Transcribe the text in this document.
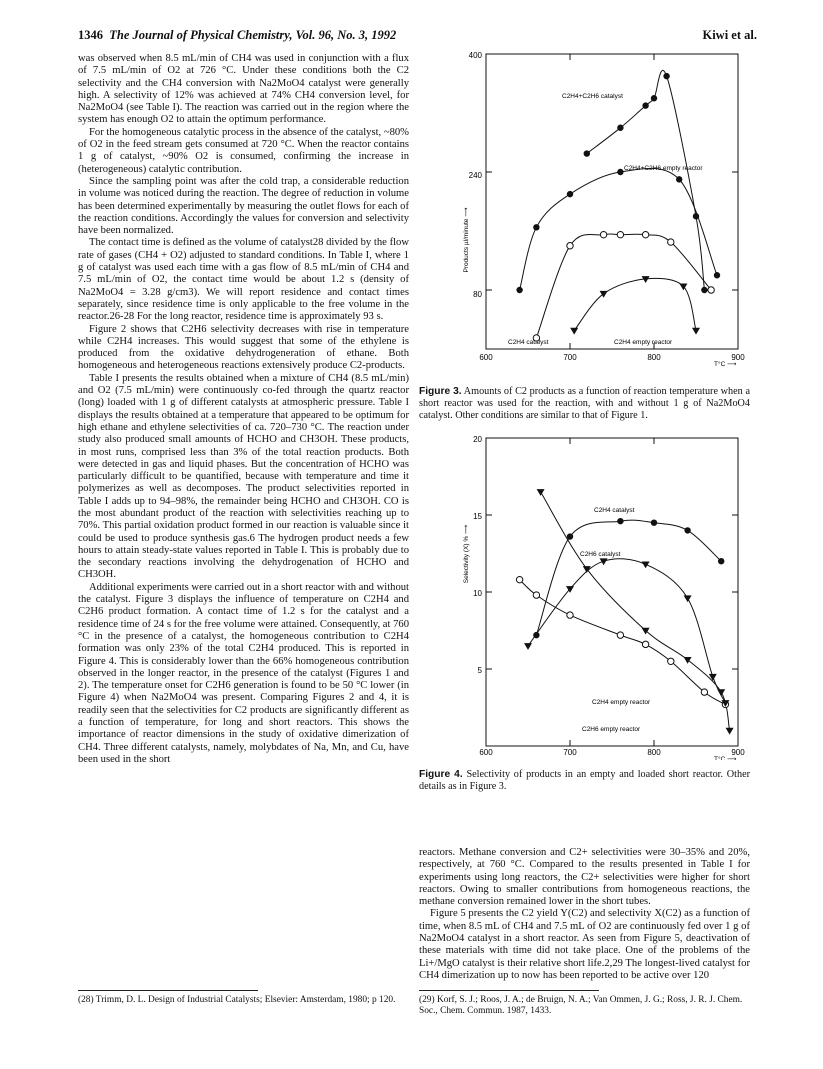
1346 The Journal of Physical Chemistry, Vol. 96, No. 3, 1992	Kiwi et al.

was observed when 8.5 mL/min of CH4 was used in conjunction with a flux of 7.5 mL/min of O2 at 726 °C. Under these conditions both the C2 selectivity and the CH4 conversion with Na2MoO4 catalyst were generally high. A selectivity of 12% was achieved at 74% CH4 conversion level, for Na2MoO4 (see Table I). The reaction was carried out in the region where the system has enough O2 to attain the optimum performance.

For the homogeneous catalytic process in the absence of the catalyst, ~80% of O2 in the feed stream gets consumed at 720 °C. When the reactor contains 1 g of catalyst, ~90% O2 is consumed, confirming the increase in (heterogeneous) catalytic contribution.

Since the sampling point was after the cold trap, a considerable reduction in volume was noticed during the reaction. The degree of reduction in volume has been determined experimentally by measuring the outlet flows for each of the reaction conditions. Accordingly the values for conversion and selectivity have been normalized.

The contact time is defined as the volume of catalyst28 divided by the flow rate of gases (CH4 + O2) adjusted to standard conditions. In Table I, where 1 g of catalyst was used each time with a gas flow of 8.5 mL/min of CH4 and 7.5 mL/min of O2, the contact time would be about 1.2 s (density of Na2MoO4 = 3.28 g/cm3). We will report residence and contact times separately, since residence time is only applicable to the free volume in the reactor.26-28 For the long reactor, residence time is approximately 93 s.

Figure 2 shows that C2H6 selectivity decreases with rise in temperature while C2H4 increases. This would suggest that some of the ethylene is produced from the oxidative dehydrogeneration of ethane. Both homogeneous and heterogeneous reactions extensively produce C2-products.

Table I presents the results obtained when a mixture of CH4 (8.5 mL/min) and O2 (7.5 mL/min) were continuously co-fed through the quartz reactor (long) loaded with 1 g of different catalysts at atmospheric pressure. Table I displays the results obtained at a temperature that appeared to be optimum for high ethane and ethylene selectivities of ca. 720–730 °C. The reaction under study also produced small amounts of HCHO and CH3OH. These products, in most runs, comprised less than 3% of the total reaction products. Both were detected in gas and liquid phases. But the concentration of HCHO was particularly difficult to be quantified, because with temperature and time it polymerizes as well as decomposes. The product selectivities reported in Table I adds up to 94–98%, the remainder being HCHO and CH3OH. CO is the most abundant product of the reaction with selectivities reaching up to 70%. This partial oxidation product formed in our reaction is valuable since it could be used to produce synthesis gas.6 The hydrogen product needs a few hours to attain steady-state values reported in Table I. This is probably due to the secondary reactions involving the dehydrogenation of HCHO and CH3OH.

Additional experiments were carried out in a short reactor with and without the catalyst. Figure 3 displays the influence of temperature on C2H4 and C2H6 product formation. A contact time of 1.2 s for the catalyst and a residence time of 24 s for the free volume were attained. Consequently, at 760 °C in the presence of a catalyst, the homogeneous contribution to C2H4 formation was only 23% of the total C2H4 produced. This is reported in Figure 4. This is considerably lower than the 66% homogeneous contribution observed in the longer reactor, in the presence of the catalyst (Figures 1 and 2). The temperature onset for C2H6 generation is found to be 50 °C lower (in Figure 4) when Na2MoO4 was present. Comparing Figures 2 and 4, it is readily seen that the selectivities for C2 products are significantly different as a function of temperature, for long and short reactors. This shows the importance of reactor dimensions in the study of oxidative dimerization of CH4. Three different catalysts, namely, molybdates of Na, Mn, and Cu, have been used in the short

400
240
80
600	700	800	900
T°C ⟶
Products µl/minute ⟶
C2H4+C2H6 catalyst
C2H4+C2H6 empty reactor
C2H4 catalyst	C2H4 empty reactor
Figure 3. Amounts of C2 products as a function of reaction temperature when a short reactor was used for the reaction, with and without 1 g of Na2MoO4 catalyst. Other conditions are similar to that of Figure 1.
20
15
10
5
600	700	800	900
T°C ⟶
Selectivity (X) % ⟶
C2H4 catalyst
C2H6 catalyst
C2H4 empty reactor
C2H6 empty reactor
Figure 4. Selectivity of products in an empty and loaded short reactor. Other details as in Figure 3.

reactors. Methane conversion and C2+ selectivities were 30–35% and 20%, respectively, at 760 °C. Compared to the results presented in Table I for experiments using long reactors, the C2+ selectivities were higher for short reactors. Owing to smaller contributions from homogeneous reactions, the methane conversion remained lower in the short tubes.

Figure 5 presents the C2 yield Y(C2) and selectivity X(C2) as a function of time, when 8.5 mL of CH4 and 7.5 mL of O2 are continuously fed over 1 g of Na2MoO4 catalyst in a short reactor. As seen from Figure 5, deactivation of these materials with time did not take place. One of the problems of the Li+/MgO catalyst is their relative short life.2,29 The longest-lived catalyst for CH4 dimerization up to now has been reported to be active over 120

(28) Trimm, D. L. Design of Industrial Catalysts; Elsevier: Amsterdam, 1980; p 120.	(29) Korf, S. J.; Roos, J. A.; de Bruign, N. A.; Van Ommen, J. G.; Ross, J. R. J. Chem. Soc., Chem. Commun. 1987, 1433.
